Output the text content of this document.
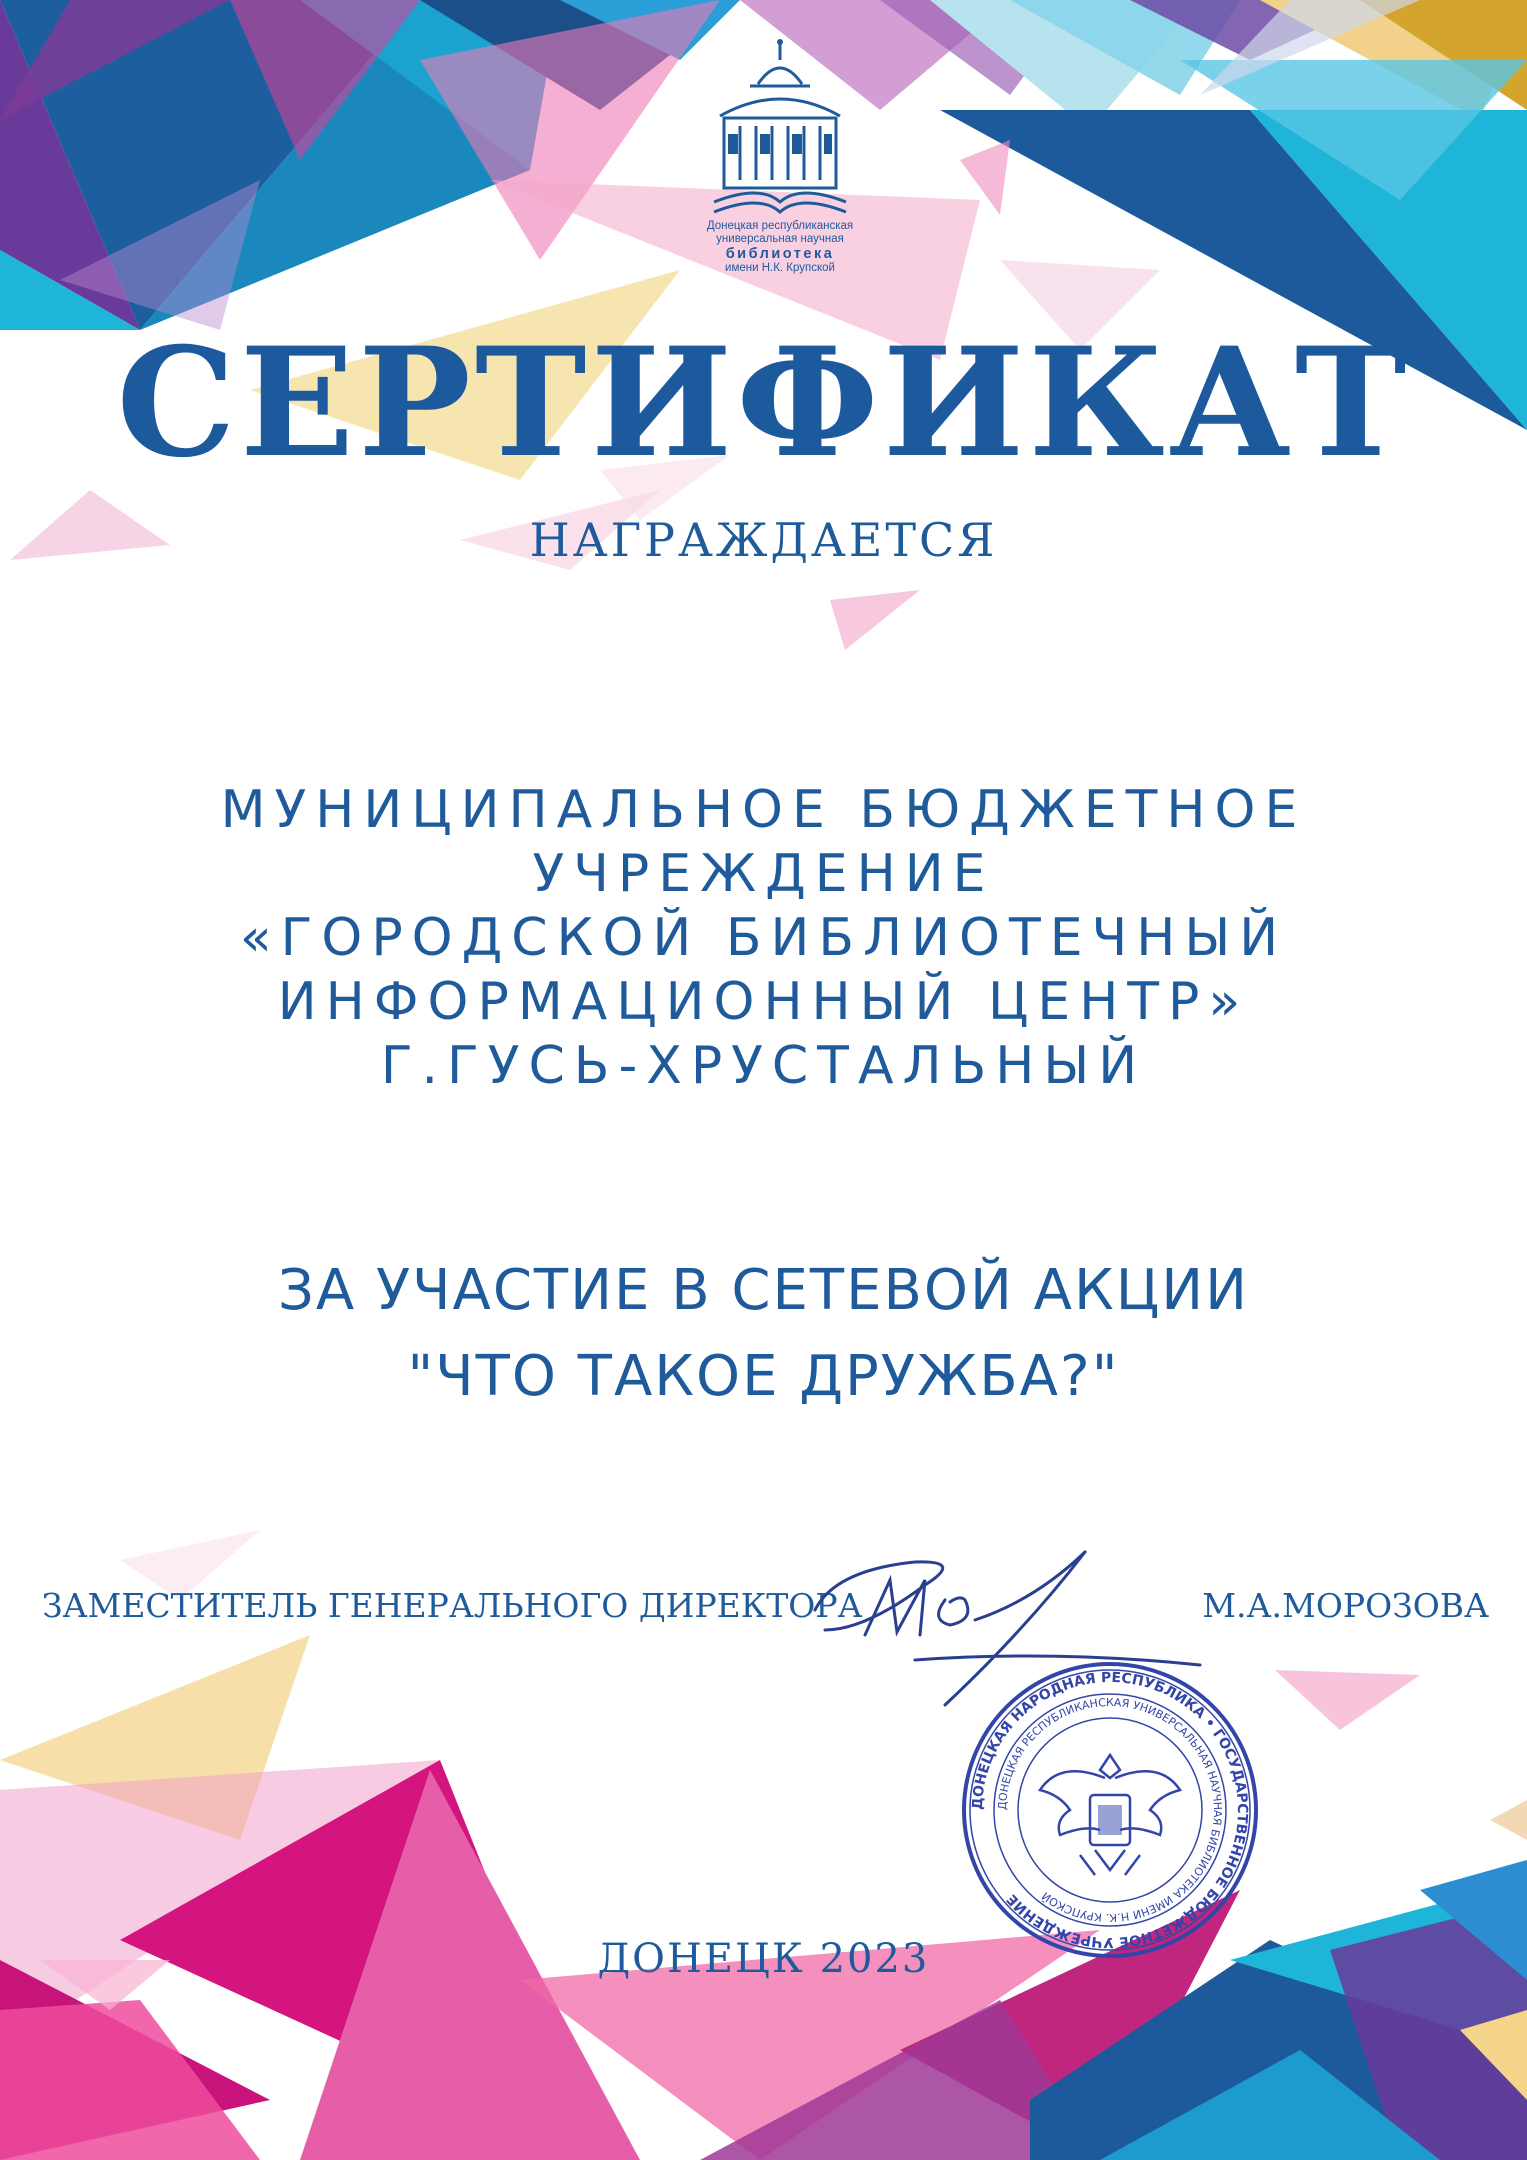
Донецкая республиканская
универсальная научная
библиотека
имени Н.К. Крупской
СЕРТИФИКАТ
НАГРАЖДАЕТСЯ
МУНИЦИПАЛЬНОЕ БЮДЖЕТНОЕ
УЧРЕЖДЕНИЕ
«ГОРОДСКОЙ БИБЛИОТЕЧНЫЙ
ИНФОРМАЦИОННЫЙ ЦЕНТР»
Г.ГУСЬ-ХРУСТАЛЬНЫЙ
ЗА УЧАСТИЕ В СЕТЕВОЙ АКЦИИ
"ЧТО ТАКОЕ ДРУЖБА?"
ЗАМЕСТИТЕЛЬ ГЕНЕРАЛЬНОГО ДИРЕКТОРА	М.А.МОРОЗОВА
ДОНЕЦКАЯ НАРОДНАЯ РЕСПУБЛИКА • ГОСУДАРСТВЕННОЕ БЮДЖЕТНОЕ УЧРЕЖДЕНИЕ
ДОНЕЦКАЯ РЕСПУБЛИКАНСКАЯ УНИВЕРСАЛЬНАЯ НАУЧНАЯ БИБЛИОТЕКА ИМЕНИ Н.К. КРУПСКОЙ
ДОНЕЦК 2023
